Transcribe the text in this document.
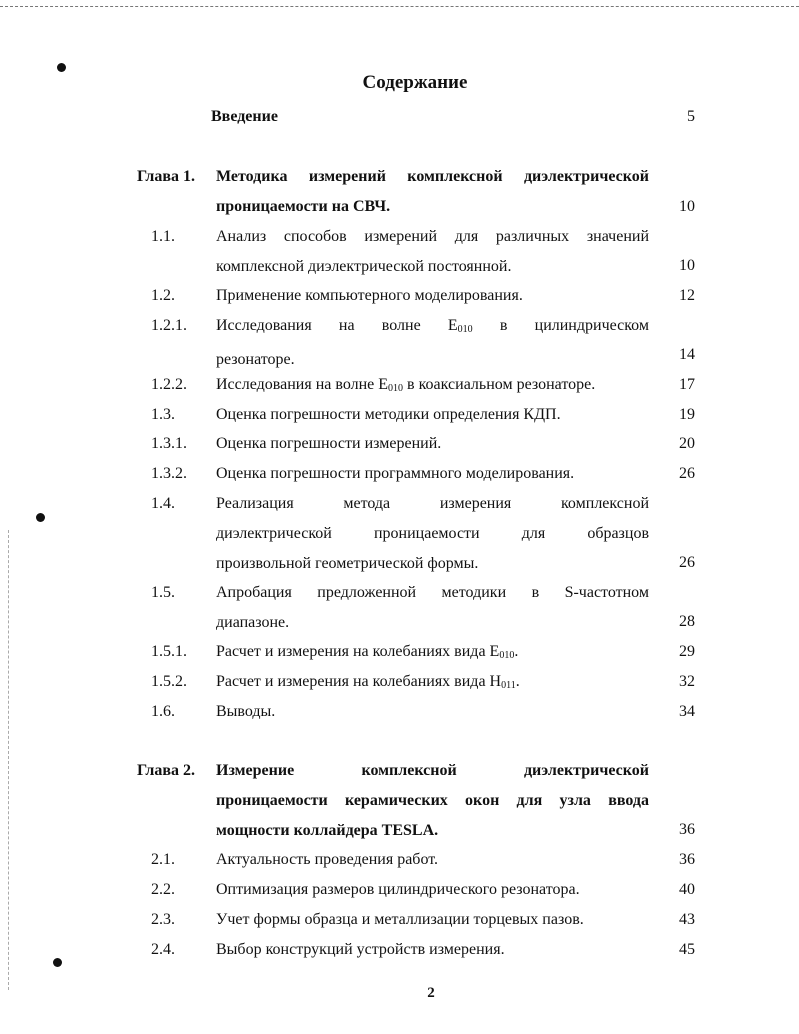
Содержание
Введение	5
Глава 1. Методика измерений комплексной диэлектрической
проницаемости на СВЧ.	10
1.1.	Анализ способов измерений для различных значений
комплексной диэлектрической постоянной.	10
1.2.	Применение компьютерного моделирования.	12
1.2.1. Исследования на волне $E_{010}$ в цилиндрическом
резонаторе.	14
1.2.2. Исследования на волне $E_{010}$ в коаксиальном резонаторе.	17
1.3.	Оценка погрешности методики определения КДП.	19
1.3.1. Оценка погрешности измерений.	20
1.3.2. Оценка погрешности программного моделирования.	26
1.4.	Реализация метода измерения комплексной
диэлектрической проницаемости для образцов
произвольной геометрической формы.	26
1.5.	Апробация предложенной методики в S-частотном
диапазоне.	28
1.5.1. Расчет и измерения на колебаниях вида $E_{010}$.	29
1.5.2. Расчет и измерения на колебаниях вида $H_{011}$.	32
1.6.	Выводы.	34
Глава 2. Измерение комплексной диэлектрической
проницаемости керамических окон для узла ввода
мощности коллайдера TESLA.	36
2.1.	Актуальность проведения работ.	36
2.2.	Оптимизация размеров цилиндрического резонатора.	40
2.3.	Учет формы образца и металлизации торцевых пазов.	43
2.4.	Выбор конструкций устройств измерения.	45
2
